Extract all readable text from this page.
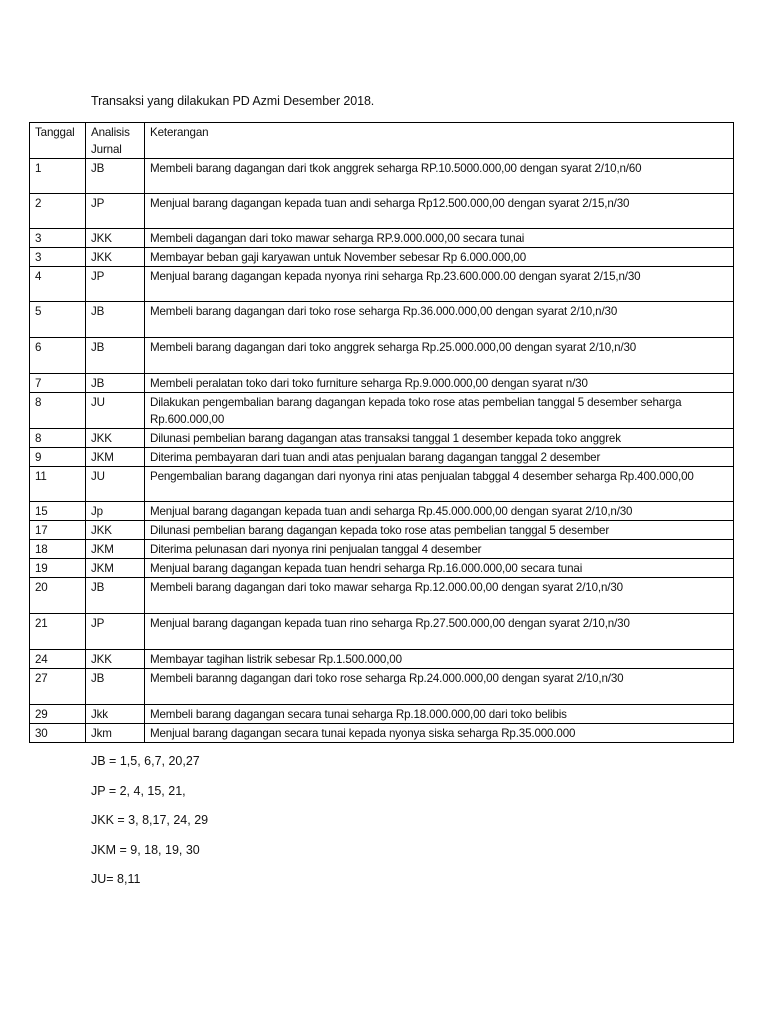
Transaksi yang dilakukan PD Azmi Desember 2018.
Tanggal	Analisis Jurnal	Keterangan
1	JB	Membeli barang dagangan dari tkok anggrek seharga RP.10.5000.000,00 dengan syarat 2/10,n/60
2	JP	Menjual barang dagangan kepada tuan andi seharga Rp12.500.000,00 dengan syarat 2/15,n/30
3	JKK	Membeli dagangan dari toko mawar seharga RP.9.000.000,00 secara tunai
3	JKK	Membayar beban gaji karyawan untuk November sebesar Rp 6.000.000,00
4	JP	Menjual barang dagangan kepada nyonya rini seharga Rp.23.600.000.00 dengan syarat 2/15,n/30
5	JB	Membeli barang dagangan dari toko rose seharga Rp.36.000.000,00 dengan syarat 2/10,n/30
6	JB	Membeli barang dagangan dari toko anggrek seharga Rp.25.000.000,00 dengan syarat 2/10,n/30
7	JB	Membeli peralatan toko dari toko furniture seharga Rp.9.000.000,00 dengan syarat n/30
8	JU	Dilakukan pengembalian barang dagangan kepada toko rose atas pembelian tanggal 5 desember seharga Rp.600.000,00
8	JKK	Dilunasi pembelian barang dagangan atas transaksi tanggal 1 desember kepada toko anggrek
9	JKM	Diterima pembayaran dari tuan andi atas penjualan barang dagangan tanggal 2 desember
11	JU	Pengembalian barang dagangan dari nyonya rini atas penjualan tabggal 4 desember seharga Rp.400.000,00
15	Jp	Menjual barang dagangan kepada tuan andi seharga Rp.45.000.000,00 dengan syarat 2/10,n/30
17	JKK	Dilunasi pembelian barang dagangan kepada toko rose atas pembelian tanggal 5 desember
18	JKM	Diterima pelunasan dari nyonya rini penjualan tanggal 4 desember
19	JKM	Menjual barang dagangan kepada tuan hendri seharga Rp.16.000.000,00 secara tunai
20	JB	Membeli barang dagangan dari toko mawar seharga Rp.12.000.00,00 dengan syarat 2/10,n/30
21	JP	Menjual barang dagangan kepada tuan rino seharga Rp.27.500.000,00 dengan syarat 2/10,n/30
24	JKK	Membayar tagihan listrik sebesar Rp.1.500.000,00
27	JB	Membeli baranng dagangan dari toko rose seharga Rp.24.000.000,00 dengan syarat 2/10,n/30
29	Jkk	Membeli barang dagangan secara tunai seharga Rp.18.000.000,00 dari toko belibis
30	Jkm	Menjual barang dagangan secara tunai kepada nyonya siska seharga Rp.35.000.000
JB = 1,5, 6,7, 20,27
JP = 2, 4, 15, 21,
JKK = 3, 8,17, 24, 29
JKM = 9, 18, 19, 30
JU= 8,11
